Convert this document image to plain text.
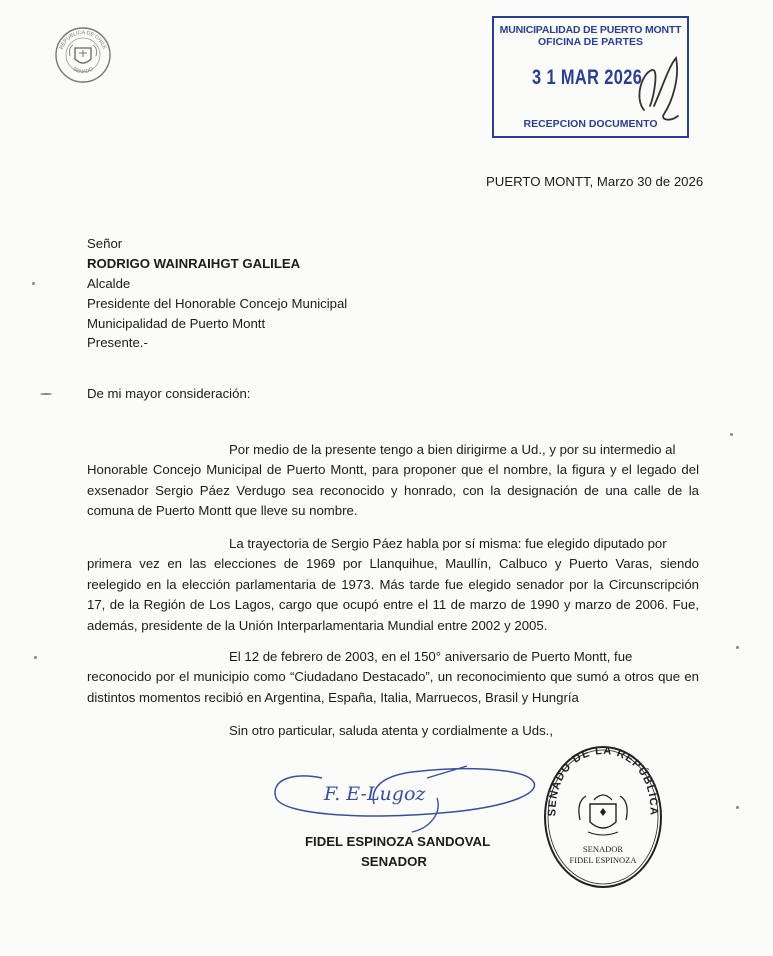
REPÚBLICA DE CHILE
SENADO
MUNICIPALIDAD DE PUERTO MONTT
OFICINA DE PARTES
3 1 MAR 2026
RECEPCION DOCUMENTO
PUERTO MONTT, Marzo 30 de 2026
Señor
RODRIGO WAINRAIHGT GALILEA
Alcalde
Presidente del Honorable Concejo Municipal
Municipalidad de Puerto Montt
Presente.-
De mi mayor consideración:
Por medio de la presente tengo a bien dirigirme a Ud., y por su intermedio al
Honorable Concejo Municipal de Puerto Montt, para proponer que el nombre, la figura y el legado del exsenador Sergio Páez Verdugo sea reconocido y honrado, con la designación de una calle de la comuna de Puerto Montt que lleve su nombre.
La trayectoria de Sergio Páez habla por sí misma: fue elegido diputado por
primera vez en las elecciones de 1969 por Llanquihue, Maullín, Calbuco y Puerto Varas, siendo reelegido en la elección parlamentaria de 1973. Más tarde fue elegido senador por la Circunscripción 17, de la Región de Los Lagos, cargo que ocupó entre el 11 de marzo de 1990 y marzo de 2006. Fue, además, presidente de la Unión Interparlamentaria Mundial entre 2002 y 2005.
El 12 de febrero de 2003, en el 150° aniversario de Puerto Montt, fue
reconocido por el municipio como “Ciudadano Destacado”, un reconocimiento que sumó a otros que en distintos momentos recibió en Argentina, España, Italia, Marruecos, Brasil y Hungría
Sin otro particular, saluda atenta y cordialmente a Uds.,
F. E-Lugoz
FIDEL ESPINOZA SANDOVAL
SENADOR
SENADO DE LA REPÚBLICA
SENADOR
FIDEL ESPINOZA
